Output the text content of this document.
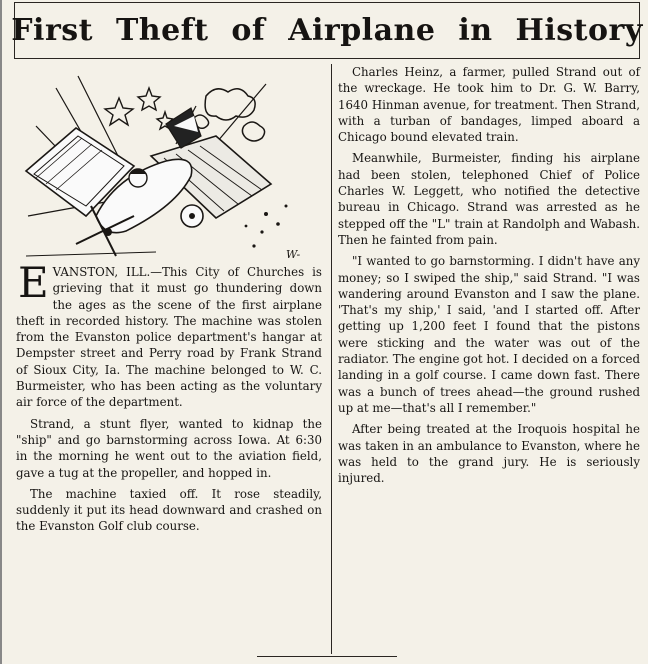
First Theft of Airplane in History
W-

EVANSTON, ILL.—This City of Churches is grieving that it must go thundering down the ages as the scene of the first airplane theft in recorded history. The machine was stolen from the Evanston police department's hangar at Dempster street and Perry road by Frank Strand of Sioux City, Ia. The machine belonged to W. C. Burmeister, who has been acting as the voluntary air force of the department.

Strand, a stunt flyer, wanted to kidnap the "ship" and go barnstorming across Iowa. At 6:30 in the morning he went out to the aviation field, gave a tug at the propeller, and hopped in.

The machine taxied off. It rose steadily, suddenly it put its head downward and crashed on the Evanston Golf club course.

Charles Heinz, a farmer, pulled Strand out of the wreckage. He took him to Dr. G. W. Barry, 1640 Hinman avenue, for treatment. Then Strand, with a turban of bandages, limped aboard a Chicago bound elevated train.

Meanwhile, Burmeister, finding his airplane had been stolen, telephoned Chief of Police Charles W. Leggett, who notified the detective bureau in Chicago. Strand was arrested as he stepped off the "L" train at Randolph and Wabash. Then he fainted from pain.

"I wanted to go barnstorming. I didn't have any money; so I swiped the ship," said Strand. "I was wandering around Evanston and I saw the plane. 'That's my ship,' I said, 'and I started off. After getting up 1,200 feet I found that the pistons were sticking and the water was out of the radiator. The engine got hot. I decided on a forced landing in a golf course. I came down fast. There was a bunch of trees ahead—the ground rushed up at me—that's all I remember."

After being treated at the Iroquois hospital he was taken in an ambulance to Evanston, where he was held to the grand jury. He is seriously injured.
